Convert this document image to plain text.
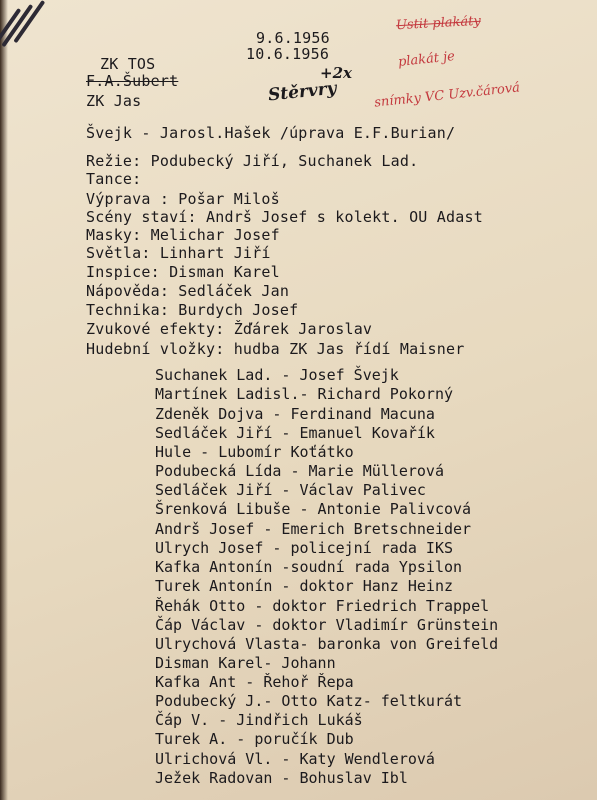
9.6.1956
10.6.1956
ZK TOS
F.A.Šubert
ZK Jas
Ustit plakáty
plakát je
snímky VC Uzv.čárová
Stěrvry
+2x
Švejk - Jarosl.Hašek /úprava E.F.Burian/
Režie: Podubecký Jiří, Suchanek Lad.
Tance:
Výprava : Pošar Miloš
Scény staví: Andrš Josef s kolekt. OU Adast
Masky: Melichar Josef
Světla: Linhart Jiří
Inspice: Disman Karel
Nápověda: Sedláček Jan
Technika: Burdych Josef
Zvukové efekty: Žďárek Jaroslav
Hudební vložky: hudba ZK Jas řídí Maisner
Suchanek Lad. - Josef Švejk
Martínek Ladisl.- Richard Pokorný
Zdeněk Dojva - Ferdinand Macuna
Sedláček Jiří - Emanuel Kovařík
Hule - Lubomír Koťátko
Podubecká Lída - Marie Müllerová
Sedláček Jiří - Václav Palivec
Šrenková Libuše - Antonie Palivcová
Andrš Josef - Emerich Bretschneider
Ulrych Josef - policejní rada IKS
Kafka Antonín -soudní rada Ypsilon
Turek Antonín - doktor Hanz Heinz
Řehák Otto - doktor Friedrich Trappel
Čáp Václav - doktor Vladimír Grünstein
Ulrychová Vlasta- baronka von Greifeld
Disman Karel- Johann
Kafka Ant - Řehoř Řepa
Podubecký J.- Otto Katz- feltkurát
Čáp V. - Jindřich Lukáš
Turek A. - poručík Dub
Ulrichová Vl. - Katy Wendlerová
Ježek Radovan - Bohuslav Ibl
